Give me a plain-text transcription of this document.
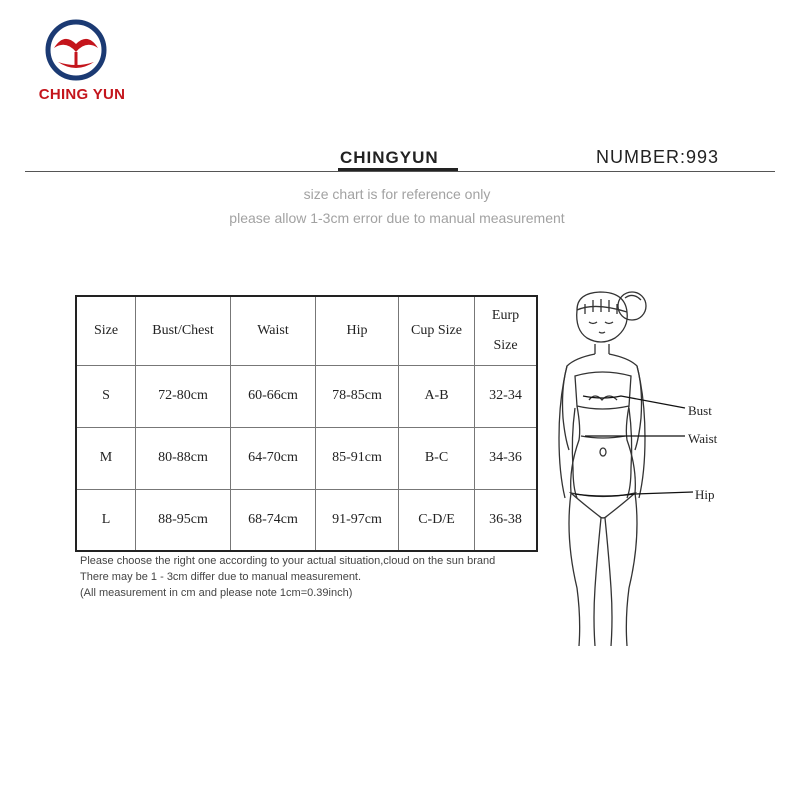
CHING YUN
CHINGYUN	NUMBER:993
size chart is for reference only
please allow 1-3cm error due to manual measurement
Size	Bust/Chest	Waist	Hip	Cup Size	Eurp
Size

S	72-80cm	60-66cm	78-85cm	A-B	32-34
M	80-88cm	64-70cm	85-91cm	B-C	34-36
L	88-95cm	68-74cm	91-97cm	C-D/E	36-38
Please choose the right one according to your actual situation,cloud on the sun brand
There may be 1 - 3cm differ due to manual measurement.
(All measurement in cm and please note 1cm=0.39inch)
Bust
Waist
Hip
